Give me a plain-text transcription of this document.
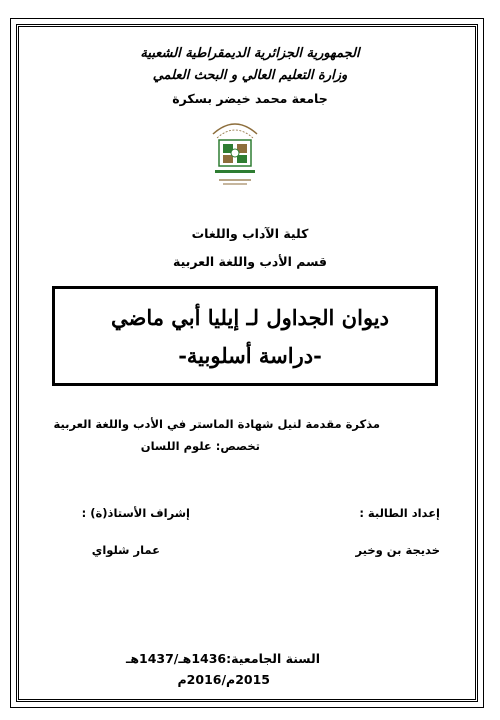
الجمهورية الجزائرية الديمقراطية الشعبية
وزارة التعليم العالي و البحث العلمي
جامعة محمد خيضر بسكرة
كلية الآداب واللغات
قسم الأدب واللغة العربية
ديوان الجداول لـ إيليا أبي ماضي
-دراسة أسلوبية-
مذكرة مقدمة لنيل شهادة الماستر في الأدب واللغة العربية
تخصص: علوم اللسان
إعداد الطالبة :
إشراف الأستاذ(ة) :
خديجة بن وخير
عمار شلواي
السنة الجامعية:1436هـ/1437هـ
2015م/2016م
